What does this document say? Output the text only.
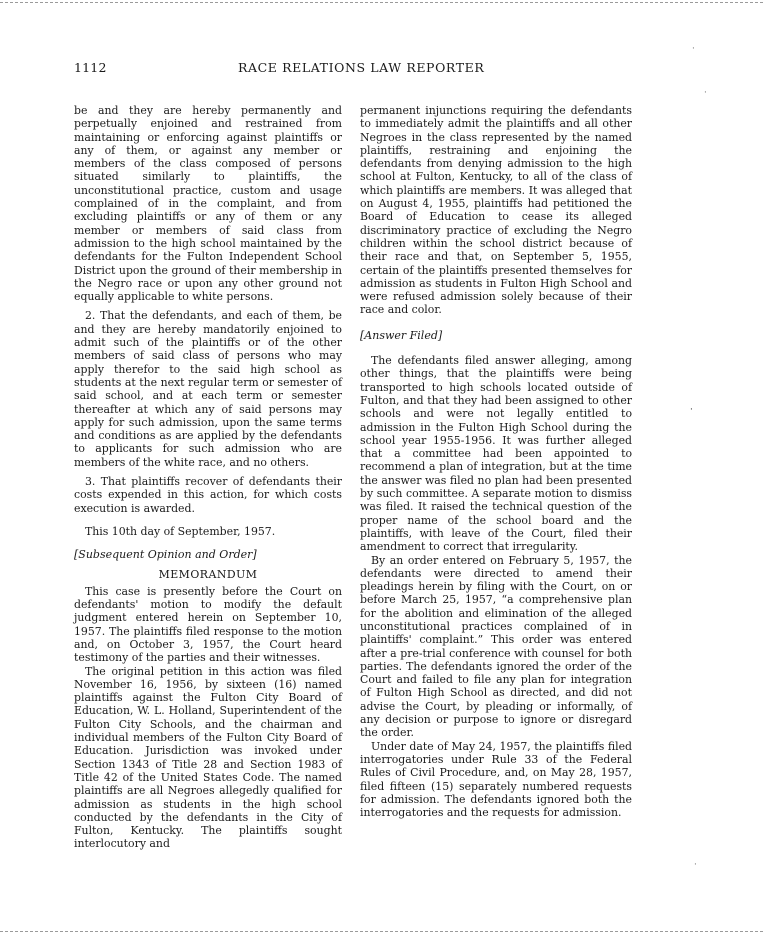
1112	RACE RELATIONS LAW REPORTER

be and they are hereby permanently and perpetually enjoined and restrained from maintaining or enforcing against plaintiffs or any of them, or against any member or members of the class composed of persons situated similarly to plaintiffs, the unconstitutional practice, custom and usage complained of in the complaint, and from excluding plaintiffs or any of them or any member or members of said class from admission to the high school maintained by the defendants for the Fulton Independent School District upon the ground of their membership in the Negro race or upon any other ground not equally applicable to white persons.

2. That the defendants, and each of them, be and they are hereby mandatorily enjoined to admit such of the plaintiffs or of the other members of said class of persons who may apply therefor to the said high school as students at the next regular term or semester of said school, and at each term or semester thereafter at which any of said persons may apply for such admission, upon the same terms and conditions as are applied by the defendants to applicants for such admission who are members of the white race, and no others.

3. That plaintiffs recover of defendants their costs expended in this action, for which costs execution is awarded.

This 10th day of September, 1957.

[Subsequent Opinion and Order]
MEMORANDUM

This case is presently before the Court on defendants' motion to modify the default judgment entered herein on September 10, 1957. The plaintiffs filed response to the motion and, on October 3, 1957, the Court heard testimony of the parties and their witnesses.

The original petition in this action was filed November 16, 1956, by sixteen (16) named plaintiffs against the Fulton City Board of Education, W. L. Holland, Superintendent of the Fulton City Schools, and the chairman and individual members of the Fulton City Board of Education. Jurisdiction was invoked under Section 1343 of Title 28 and Section 1983 of Title 42 of the United States Code. The named plaintiffs are all Negroes allegedly qualified for admission as students in the high school conducted by the defendants in the City of Fulton, Kentucky. The plaintiffs sought interlocutory and

permanent injunctions requiring the defendants to immediately admit the plaintiffs and all other Negroes in the class represented by the named plaintiffs, restraining and enjoining the defendants from denying admission to the high school at Fulton, Kentucky, to all of the class of which plaintiffs are members. It was alleged that on August 4, 1955, plaintiffs had petitioned the Board of Education to cease its alleged discriminatory practice of excluding the Negro children within the school district because of their race and that, on September 5, 1955, certain of the plaintiffs presented themselves for admission as students in Fulton High School and were refused admission solely because of their race and color.

[Answer Filed]

The defendants filed answer alleging, among other things, that the plaintiffs were being transported to high schools located outside of Fulton, and that they had been assigned to other schools and were not legally entitled to admission in the Fulton High School during the school year 1955-1956. It was further alleged that a committee had been appointed to recommend a plan of integration, but at the time the answer was filed no plan had been presented by such committee. A separate motion to dismiss was filed. It raised the technical question of the proper name of the school board and the plaintiffs, with leave of the Court, filed their amendment to correct that irregularity.

By an order entered on February 5, 1957, the defendants were directed to amend their pleadings herein by filing with the Court, on or before March 25, 1957, “a comprehensive plan for the abolition and elimination of the alleged unconstitutional practices complained of in plaintiffs' complaint.” This order was entered after a pre-trial conference with counsel for both parties. The defendants ignored the order of the Court and failed to file any plan for integration of Fulton High School as directed, and did not advise the Court, by pleading or informally, of any decision or purpose to ignore or disregard the order.

Under date of May 24, 1957, the plaintiffs filed interrogatories under Rule 33 of the Federal Rules of Civil Procedure, and, on May 28, 1957, filed fifteen (15) separately numbered requests for admission. The defendants ignored both the interrogatories and the requests for admission.

·
·
·
·
